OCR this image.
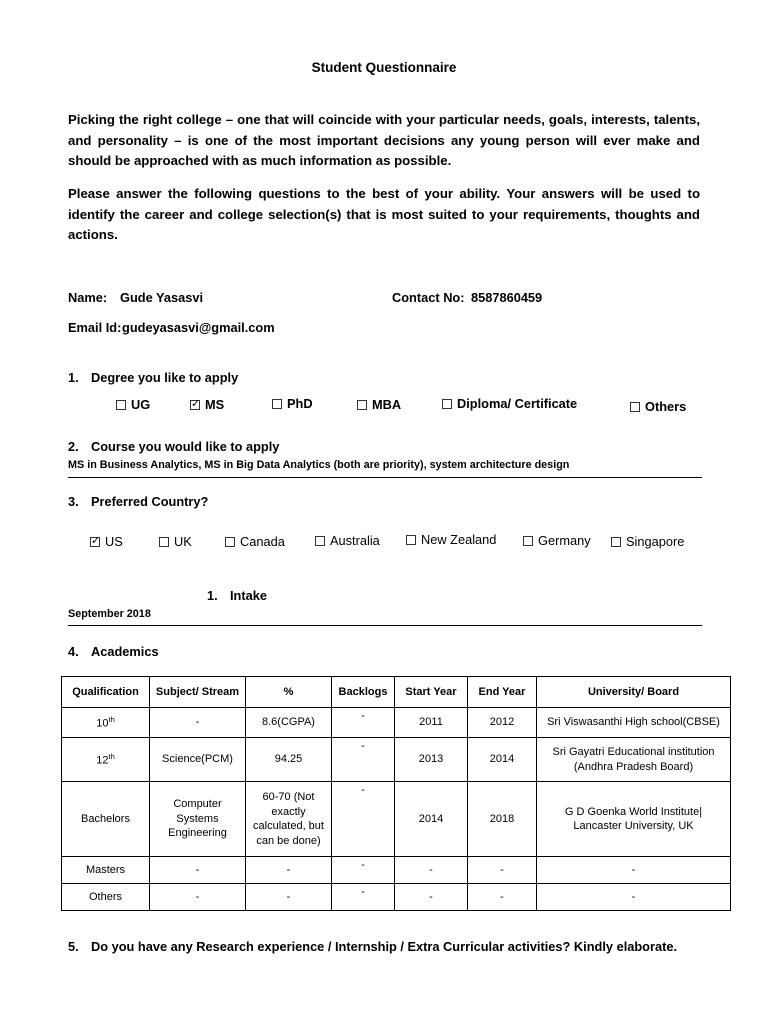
Student Questionnaire
Picking the right college – one that will coincide with your particular needs, goals, interests, talents, and personality – is one of the most important decisions any young person will ever make and should be approached with as much information as possible.
Please answer the following questions to the best of your ability. Your answers will be used to identify the career and college selection(s) that is most suited to your requirements, thoughts and actions.
Name: Gude Yasasvi	Contact No: 8587860459
Email Id: gudeyasasvi@gmail.com
1. Degree you like to apply
UG	✓ MS	PhD	MBA	Diploma/ Certificate	Others
2. Course you would like to apply
MS in Business Analytics, MS in Big Data Analytics (both are priority), system architecture design
3. Preferred Country?
✓ US	UK	Canada	Australia	New Zealand	Germany	Singapore
1. Intake
September 2018
4. Academics
Qualification	Subject/ Stream	%	Backlogs	Start Year	End Year	University/ Board
10th	-	8.6(CGPA)	-	2011	2012	Sri Viswasanthi High school(CBSE)
12th	Science(PCM)	94.25	-	2013	2014	Sri Gayatri Educational institution (Andhra Pradesh Board)
Bachelors	Computer Systems Engineering	60-70 (Not exactly calculated, but can be done)	-	2014	2018	G D Goenka World Institute| Lancaster University, UK
Masters	-	-	-	-	-	-
Others	-	-	-	-	-	-
5. Do you have any Research experience / Internship / Extra Curricular activities? Kindly elaborate.
